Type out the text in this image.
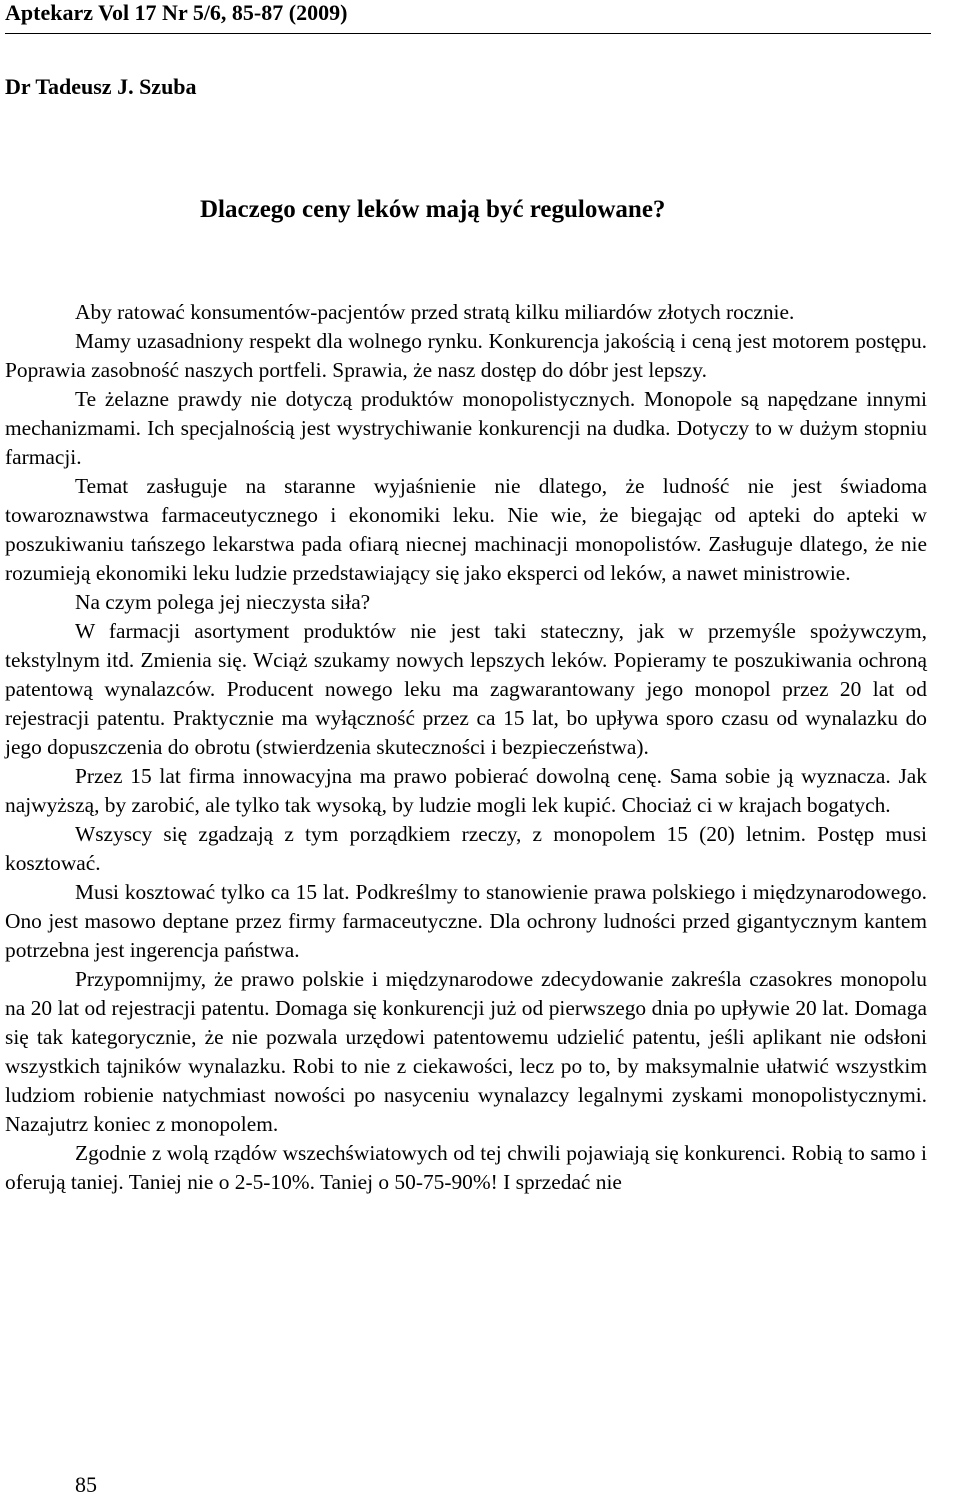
Aptekarz Vol 17 Nr 5/6, 85-87 (2009)
Dr Tadeusz J. Szuba
Dlaczego ceny leków mają być regulowane?

Aby ratować konsumentów-pacjentów przed stratą kilku miliardów złotych rocznie.

Mamy uzasadniony respekt dla wolnego rynku. Konkurencja jakością i ceną jest motorem postępu. Poprawia zasobność naszych portfeli. Sprawia, że nasz dostęp do dóbr jest lepszy.

Te żelazne prawdy nie dotyczą produktów monopolistycznych. Monopole są napędzane innymi mechanizmami. Ich specjalnością jest wystrychiwanie konkurencji na dudka. Dotyczy to w dużym stopniu farmacji.

Temat zasługuje na staranne wyjaśnienie nie dlatego, że ludność nie jest świadoma towaroznawstwa farmaceutycznego i ekonomiki leku. Nie wie, że biegając od apteki do apteki w poszukiwaniu tańszego lekarstwa pada ofiarą niecnej machinacji monopolistów. Zasługuje dlatego, że nie rozumieją ekonomiki leku ludzie przedstawiający się jako eksperci od leków, a nawet ministrowie.

Na czym polega jej nieczysta siła?

W farmacji asortyment produktów nie jest taki stateczny, jak w przemyśle spożywczym, tekstylnym itd. Zmienia się. Wciąż szukamy nowych lepszych leków. Popieramy te poszukiwania ochroną patentową wynalazców. Producent nowego leku ma zagwarantowany jego monopol przez 20 lat od rejestracji patentu. Praktycznie ma wyłączność przez ca 15 lat, bo upływa sporo czasu od wynalazku do jego dopuszczenia do obrotu (stwierdzenia skuteczności i bezpieczeństwa).

Przez 15 lat firma innowacyjna ma prawo pobierać dowolną cenę. Sama sobie ją wyznacza. Jak najwyższą, by zarobić, ale tylko tak wysoką, by ludzie mogli lek kupić. Chociaż ci w krajach bogatych.

Wszyscy się zgadzają z tym porządkiem rzeczy, z monopolem 15 (20) letnim. Postęp musi kosztować.

Musi kosztować tylko ca 15 lat. Podkreślmy to stanowienie prawa polskiego i międzynarodowego. Ono jest masowo deptane przez firmy farmaceutyczne. Dla ochrony ludności przed gigantycznym kantem potrzebna jest ingerencja państwa.

Przypomnijmy, że prawo polskie i międzynarodowe zdecydowanie zakreśla czasokres monopolu na 20 lat od rejestracji patentu. Domaga się konkurencji już od pierwszego dnia po upływie 20 lat. Domaga się tak kategorycznie, że nie pozwala urzędowi patentowemu udzielić patentu, jeśli aplikant nie odsłoni wszystkich tajników wynalazku. Robi to nie z ciekawości, lecz po to, by maksymalnie ułatwić wszystkim ludziom robienie natychmiast nowości po nasyceniu wynalazcy legalnymi zyskami monopolistycznymi. Nazajutrz koniec z monopolem.

Zgodnie z wolą rządów wszechświatowych od tej chwili pojawiają się konkurenci. Robią to samo i oferują taniej. Taniej nie o 2-5-10%. Taniej o 50-75-90%! I sprzedać nie

85
